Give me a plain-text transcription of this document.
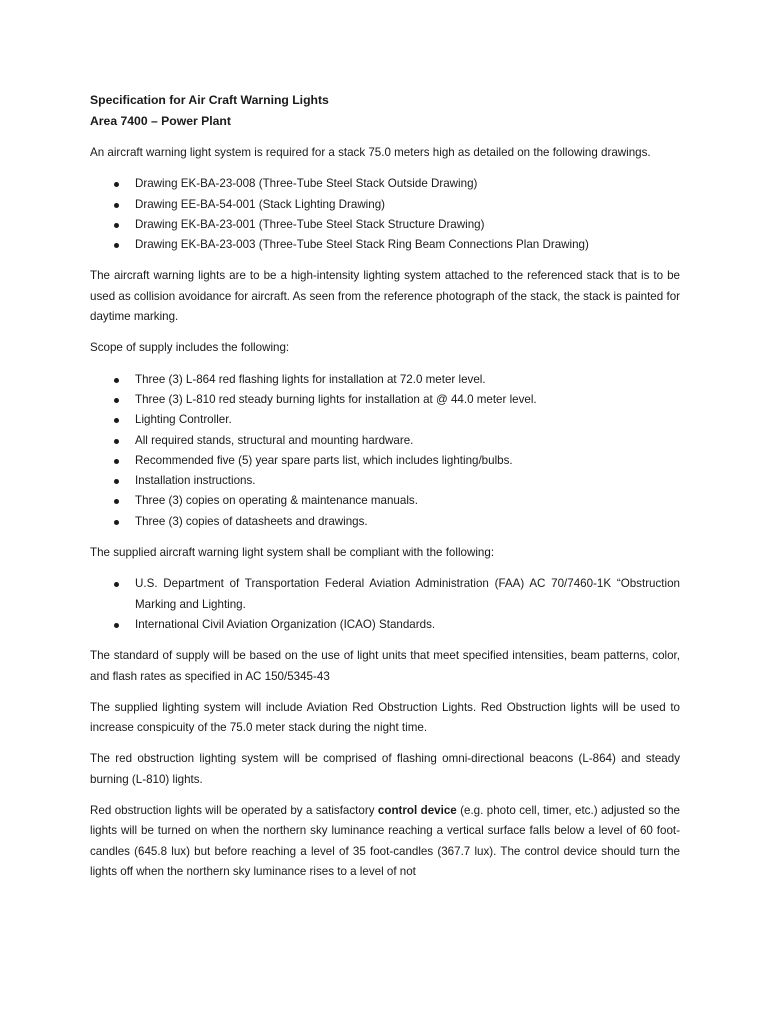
Specification for Air Craft Warning Lights
Area 7400 – Power Plant

An aircraft warning light system is required for a stack 75.0 meters high as detailed on the following drawings.

Drawing EK-BA-23-008 (Three-Tube Steel Stack Outside Drawing)
Drawing EE-BA-54-001 (Stack Lighting Drawing)
Drawing EK-BA-23-001 (Three-Tube Steel Stack Structure Drawing)
Drawing EK-BA-23-003 (Three-Tube Steel Stack Ring Beam Connections Plan Drawing)

The aircraft warning lights are to be a high-intensity lighting system attached to the referenced stack that is to be used as collision avoidance for aircraft. As seen from the reference photograph of the stack, the stack is painted for daytime marking.

Scope of supply includes the following:

Three (3) L-864 red flashing lights for installation at 72.0 meter level.
Three (3) L-810 red steady burning lights for installation at @ 44.0 meter level.
Lighting Controller.
All required stands, structural and mounting hardware.
Recommended five (5) year spare parts list, which includes lighting/bulbs.
Installation instructions.
Three (3) copies on operating & maintenance manuals.
Three (3) copies of datasheets and drawings.

The supplied aircraft warning light system shall be compliant with the following:

U.S. Department of Transportation Federal Aviation Administration (FAA) AC 70/7460-1K “Obstruction Marking and Lighting.
International Civil Aviation Organization (ICAO) Standards.

The standard of supply will be based on the use of light units that meet specified intensities, beam patterns, color, and flash rates as specified in AC 150/5345-43

The supplied lighting system will include Aviation Red Obstruction Lights. Red Obstruction lights will be used to increase conspicuity of the 75.0 meter stack during the night time.

The red obstruction lighting system will be comprised of flashing omni-directional beacons (L-864) and steady burning (L-810) lights.

Red obstruction lights will be operated by a satisfactory control device (e.g. photo cell, timer, etc.) adjusted so the lights will be turned on when the northern sky luminance reaching a vertical surface falls below a level of 60 foot-candles (645.8 lux) but before reaching a level of 35 foot-candles (367.7 lux). The control device should turn the lights off when the northern sky luminance rises to a level of not
